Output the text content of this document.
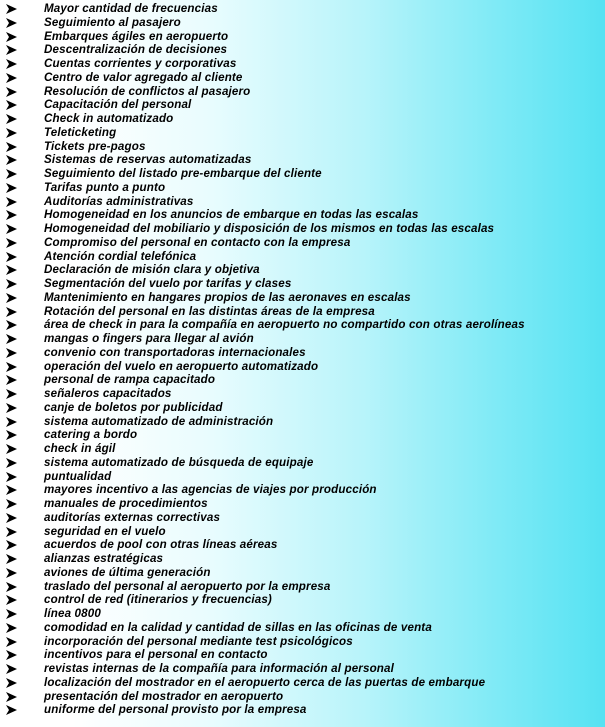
Mayor cantidad de frecuencias
Seguimiento al pasajero
Embarques ágiles en aeropuerto
Descentralización de decisiones
Cuentas corrientes y corporativas
Centro de valor agregado al cliente
Resolución de conflictos al pasajero
Capacitación del personal
Check in automatizado
Teleticketing
Tickets pre-pagos
Sistemas de reservas automatizadas
Seguimiento del listado pre-embarque del cliente
Tarifas punto a punto
Auditorías administrativas
Homogeneidad en los anuncios de embarque en todas las escalas
Homogeneidad del mobiliario y disposición de los mismos en todas las escalas
Compromiso del personal en contacto con la empresa
Atención cordial telefónica
Declaración de misión clara y objetiva
Segmentación del vuelo por tarifas y clases
Mantenimiento en hangares propios de las aeronaves en escalas
Rotación del personal en las distintas áreas de la empresa
área de check in para la compañía en aeropuerto no compartido con otras aerolíneas
mangas o fingers para llegar al avión
convenio con transportadoras internacionales
operación del vuelo en aeropuerto automatizado
personal de rampa capacitado
señaleros capacitados
canje de boletos por publicidad
sistema automatizado de administración
catering a bordo
check in ágil
sistema automatizado de búsqueda de equipaje
puntualidad
mayores incentivo a las agencias de viajes por producción
manuales de procedimientos
auditorías externas correctivas
seguridad en el vuelo
acuerdos de pool con otras líneas aéreas
alianzas estratégicas
aviones de última generación
traslado del personal al aeropuerto por la empresa
control de red (itinerarios y frecuencias)
línea 0800
comodidad en la calidad y cantidad de sillas en las oficinas de venta
incorporación del personal mediante test psicológicos
incentivos para el personal en contacto
revistas internas de la compañía para información al personal
localización del mostrador en el aeropuerto cerca de las puertas de embarque
presentación del mostrador en aeropuerto
uniforme del personal provisto por la empresa
